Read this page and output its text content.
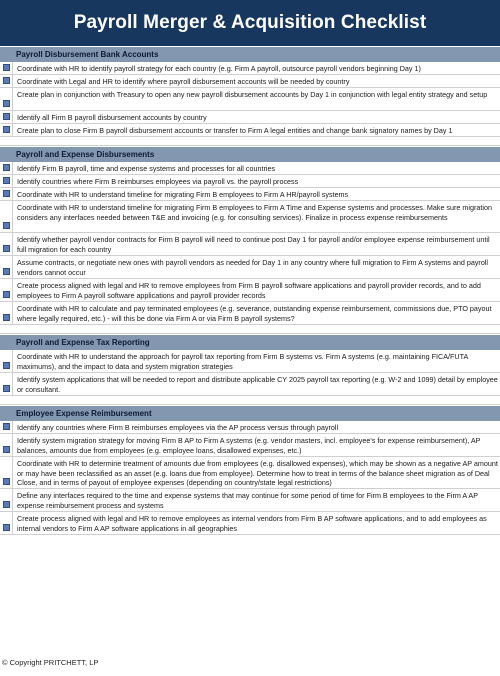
Payroll Merger & Acquisition Checklist
Payroll Disbursement Bank Accounts
Coordinate with HR to identify payroll strategy for each country (e.g. Firm A payroll, outsource payroll vendors beginning Day 1)
Coordinate with Legal and HR to identify where payroll disbursement accounts will be needed by country
Create plan in conjunction with Treasury to open any new payroll disbursement accounts by Day 1 in conjunction with legal entity strategy and setup
Identify all Firm B payroll disbursement accounts by country
Create plan to close Firm B payroll disbursement accounts or transfer to Firm A legal entities and change bank signatory names by Day 1
Payroll and Expense Disbursements
Identify Firm B payroll, time and expense systems and processes for all countries
Identify countries where Firm B reimburses employees via payroll vs. the payroll process
Coordinate with HR to understand timeline for migrating Firm B employees to Firm A HR/payroll systems
Coordinate with HR to understand timeline for migrating Firm B employees to Firm A Time and Expense systems and processes. Make sure migration considers any interfaces needed between T&E and invoicing (e.g. for consulting services). Finalize in process expense reimbursements
Identify whether payroll vendor contracts for Firm B payroll will need to continue post Day 1 for payroll and/or employee expense reimbursement until full migration for each country
Assume contracts, or negotiate new ones with payroll vendors as needed for Day 1 in any country where full migration to Firm A systems and payroll vendors cannot occur
Create process aligned with legal and HR to remove employees from Firm B payroll software applications and payroll provider records, and to add employees to Firm A payroll software applications and payroll provider records
Coordinate with HR to calculate and pay terminated employees (e.g. severance, outstanding expense reimbursement, commissions due, PTO payout where legally required, etc.) - will this be done via Firm A or via Firm B payroll systems?
Payroll and Expense Tax Reporting
Coordinate with HR to understand the approach for payroll tax reporting from Firm B systems vs. Firm A systems (e.g. maintaining FICA/FUTA maximums), and the impact to data and system migration strategies
Identify system applications that will be needed to report and distribute applicable CY 2025 payroll tax reporting (e.g. W-2 and 1099) detail by employee or consultant.
Employee Expense Reimbursement
Identify any countries where Firm B reimburses employees via the AP process versus through payroll
Identify system migration strategy for moving Firm B AP to Firm A systems (e.g. vendor masters, incl. employee's for expense reimbursement), AP balances, amounts due from employees (e.g. employee loans, disallowed expenses, etc.)
Coordinate with HR to determine treatment of amounts due from employees (e.g. disallowed expenses), which may be shown as a negative AP amount or may have been reclassified as an asset (e.g. loans due from employee). Determine how to treat in terms of the balance sheet migration as of Deal Close, and in terms of payout of employee expenses (depending on country/state legal restrictions)
Define any interfaces required to the time and expense systems that may continue for some period of time for Firm B employees to the Firm A AP expense reimbursement process and systems
Create process aligned with legal and HR to remove employees as internal vendors from Firm B AP software applications, and to add employees as internal vendors to Firm A AP software applications in all geographies
© Copyright PRITCHETT, LP
